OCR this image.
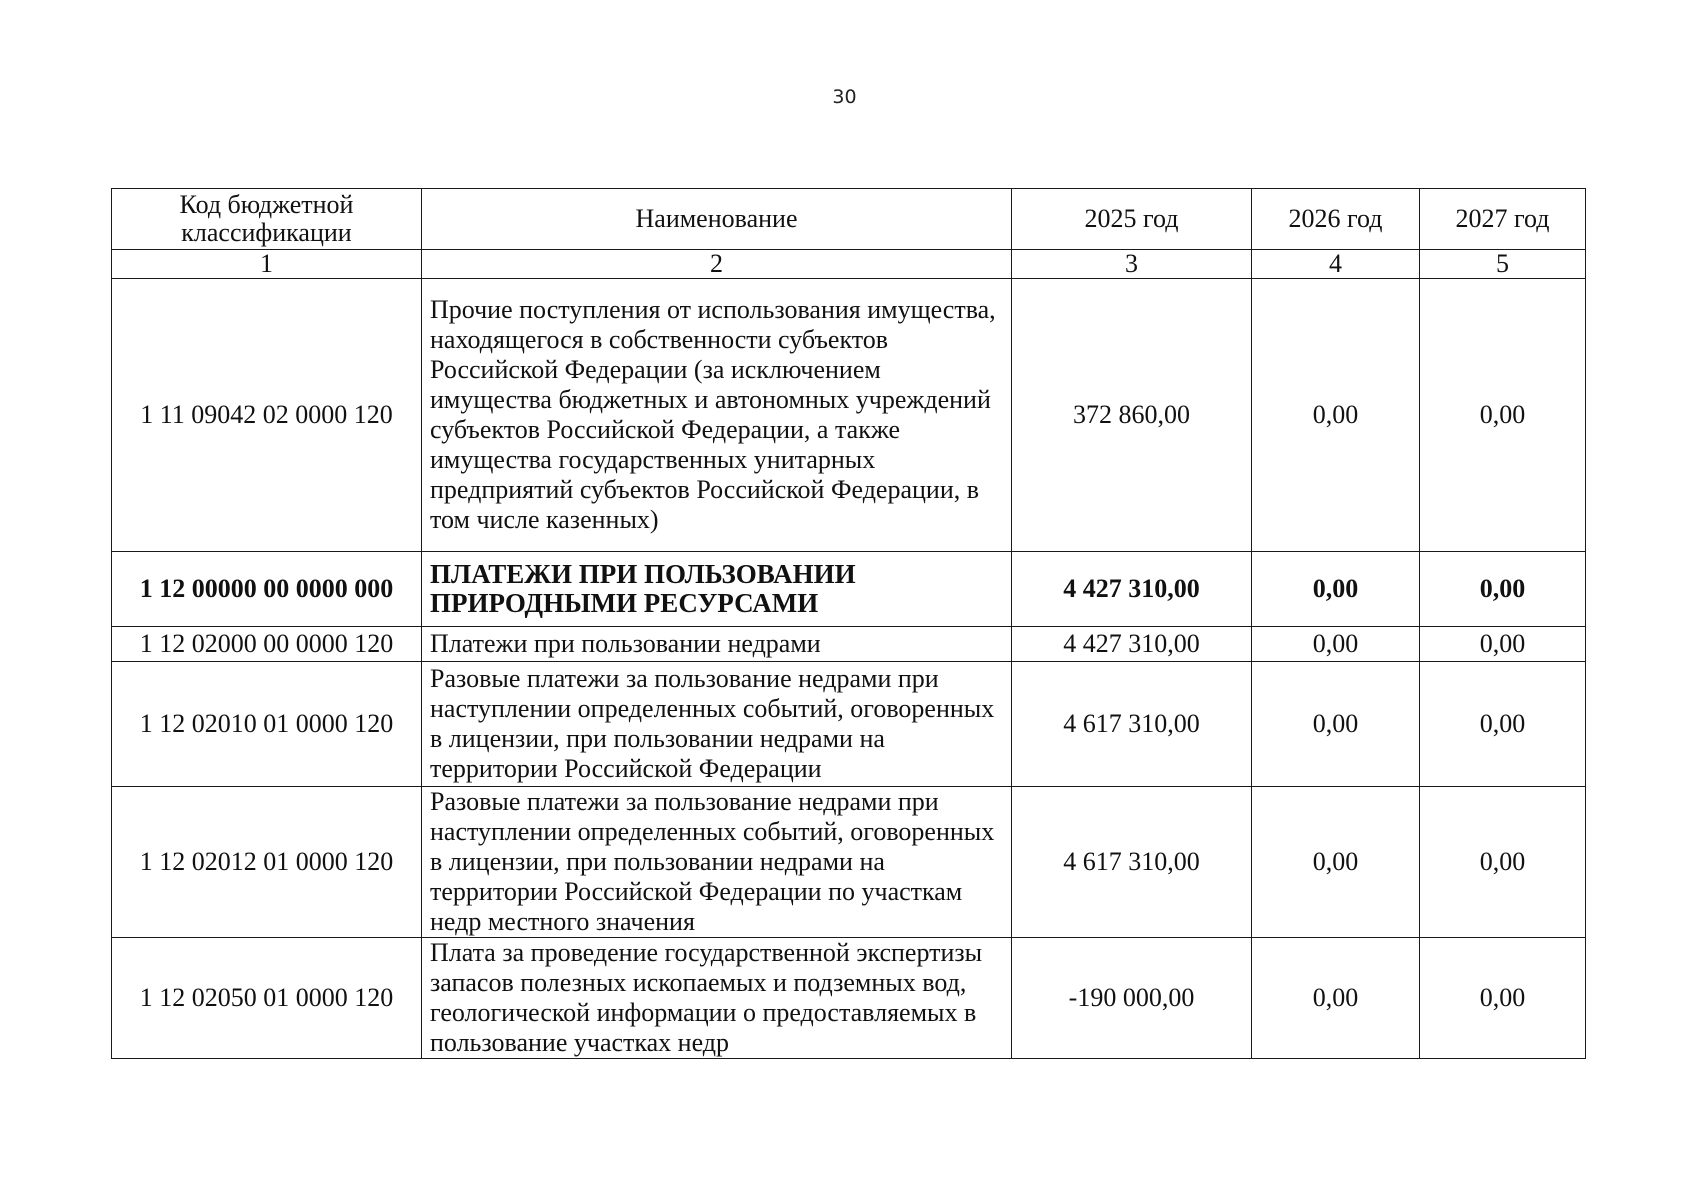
30
Код бюджетной классификации	Наименование	2025 год	2026 год	2027 год
1	2	3	4	5
1 11 09042 02 0000 120	Прочие поступления от использования имущества, находящегося в собственности субъектов Российской Федерации (за исключением имущества бюджетных и автономных учреждений субъектов Российской Федерации, а также имущества государственных унитарных предприятий субъектов Российской Федерации, в том числе казенных)	372 860,00	0,00	0,00
1 12 00000 00 0000 000	ПЛАТЕЖИ ПРИ ПОЛЬЗОВАНИИ ПРИРОДНЫМИ РЕСУРСАМИ	4 427 310,00	0,00	0,00
1 12 02000 00 0000 120	Платежи при пользовании недрами	4 427 310,00	0,00	0,00
1 12 02010 01 0000 120	Разовые платежи за пользование недрами при наступлении определенных событий, оговоренных в лицензии, при пользовании недрами на территории Российской Федерации	4 617 310,00	0,00	0,00
1 12 02012 01 0000 120	Разовые платежи за пользование недрами при наступлении определенных событий, оговоренных в лицензии, при пользовании недрами на территории Российской Федерации по участкам недр местного значения	4 617 310,00	0,00	0,00
1 12 02050 01 0000 120	Плата за проведение государственной экспертизы запасов полезных ископаемых и подземных вод, геологической информации о предоставляемых в пользование участках недр	-190 000,00	0,00	0,00
